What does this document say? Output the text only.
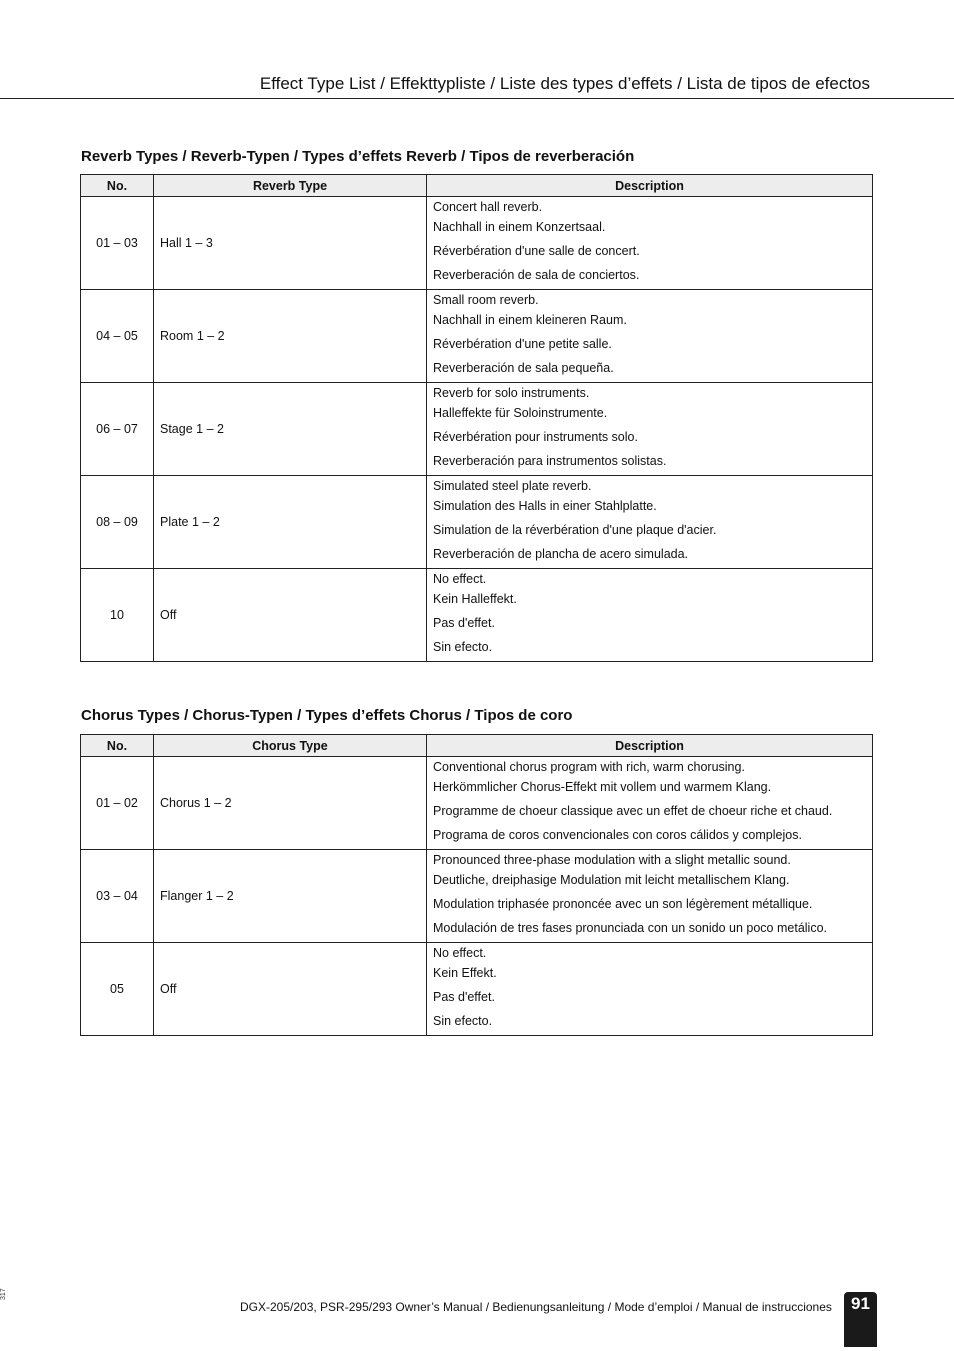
Effect Type List / Effekttypliste / Liste des types d’effets / Lista de tipos de efectos
Reverb Types / Reverb-Typen / Types d’effets Reverb / Tipos de reverberación
No.	Reverb Type	Description
01 – 03	Hall 1 – 3	Concert hall reverb.
Nachhall in einem Konzertsaal.
Réverbération d'une salle de concert.
Reverberación de sala de conciertos.

04 – 05	Room 1 – 2	Small room reverb.
Nachhall in einem kleineren Raum.
Réverbération d'une petite salle.
Reverberación de sala pequeña.

06 – 07	Stage 1 – 2	Reverb for solo instruments.
Halleffekte für Soloinstrumente.
Réverbération pour instruments solo.
Reverberación para instrumentos solistas.

08 – 09	Plate 1 – 2	Simulated steel plate reverb.
Simulation des Halls in einer Stahlplatte.
Simulation de la réverbération d'une plaque d'acier.
Reverberación de plancha de acero simulada.

10	Off	No effect.
Kein Halleffekt.
Pas d'effet.
Sin efecto.
Chorus Types / Chorus-Typen / Types d’effets Chorus / Tipos de coro
No.	Chorus Type	Description
01 – 02	Chorus 1 – 2	Conventional chorus program with rich, warm chorusing.
Herkömmlicher Chorus-Effekt mit vollem und warmem Klang.
Programme de choeur classique avec un effet de choeur riche et chaud.
Programa de coros convencionales con coros cálidos y complejos.

03 – 04	Flanger 1 – 2	Pronounced three-phase modulation with a slight metallic sound.
Deutliche, dreiphasige Modulation mit leicht metallischem Klang.
Modulation triphasée prononcée avec un son légèrement métallique.
Modulación de tres fases pronunciada con un sonido un poco metálico.

05	Off	No effect.
Kein Effekt.
Pas d'effet.
Sin efecto.
317
DGX-205/203, PSR-295/293 Owner’s Manual / Bedienungsanleitung / Mode d’emploi / Manual de instrucciones	91
